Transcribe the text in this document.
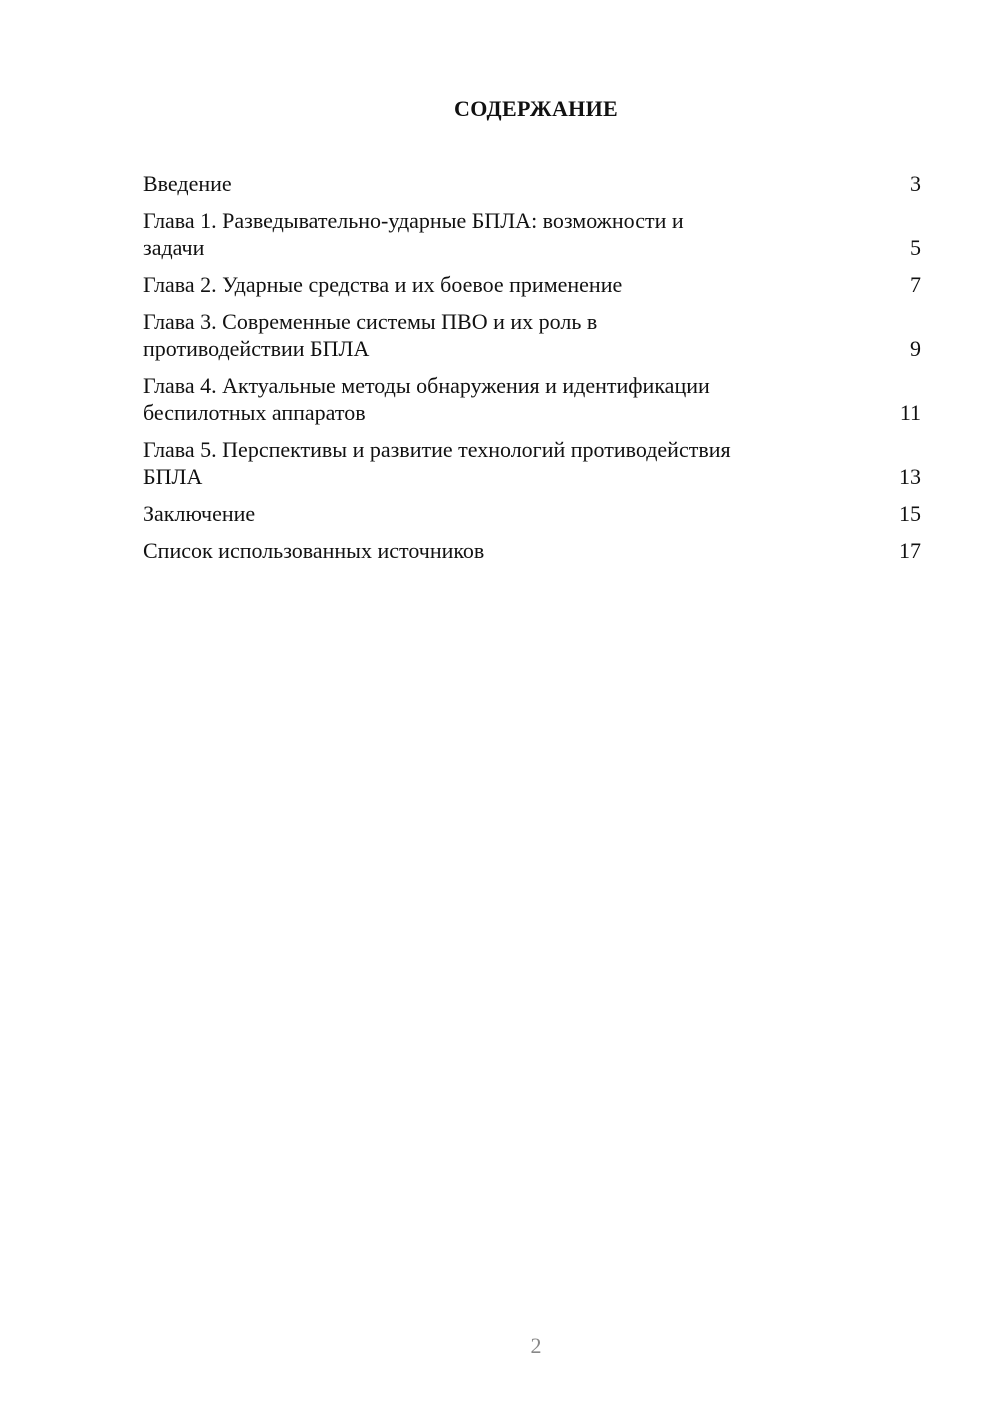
СОДЕРЖАНИЕ
Введение	3
Глава 1. Разведывательно-ударные БПЛА: возможности и
задачи	5
Глава 2. Ударные средства и их боевое применение	7
Глава 3. Современные системы ПВО и их роль в
противодействии БПЛА	9
Глава 4. Актуальные методы обнаружения и идентификации
беспилотных аппаратов	11
Глава 5. Перспективы и развитие технологий противодействия
БПЛА	13
Заключение	15
Список использованных источников	17
2
